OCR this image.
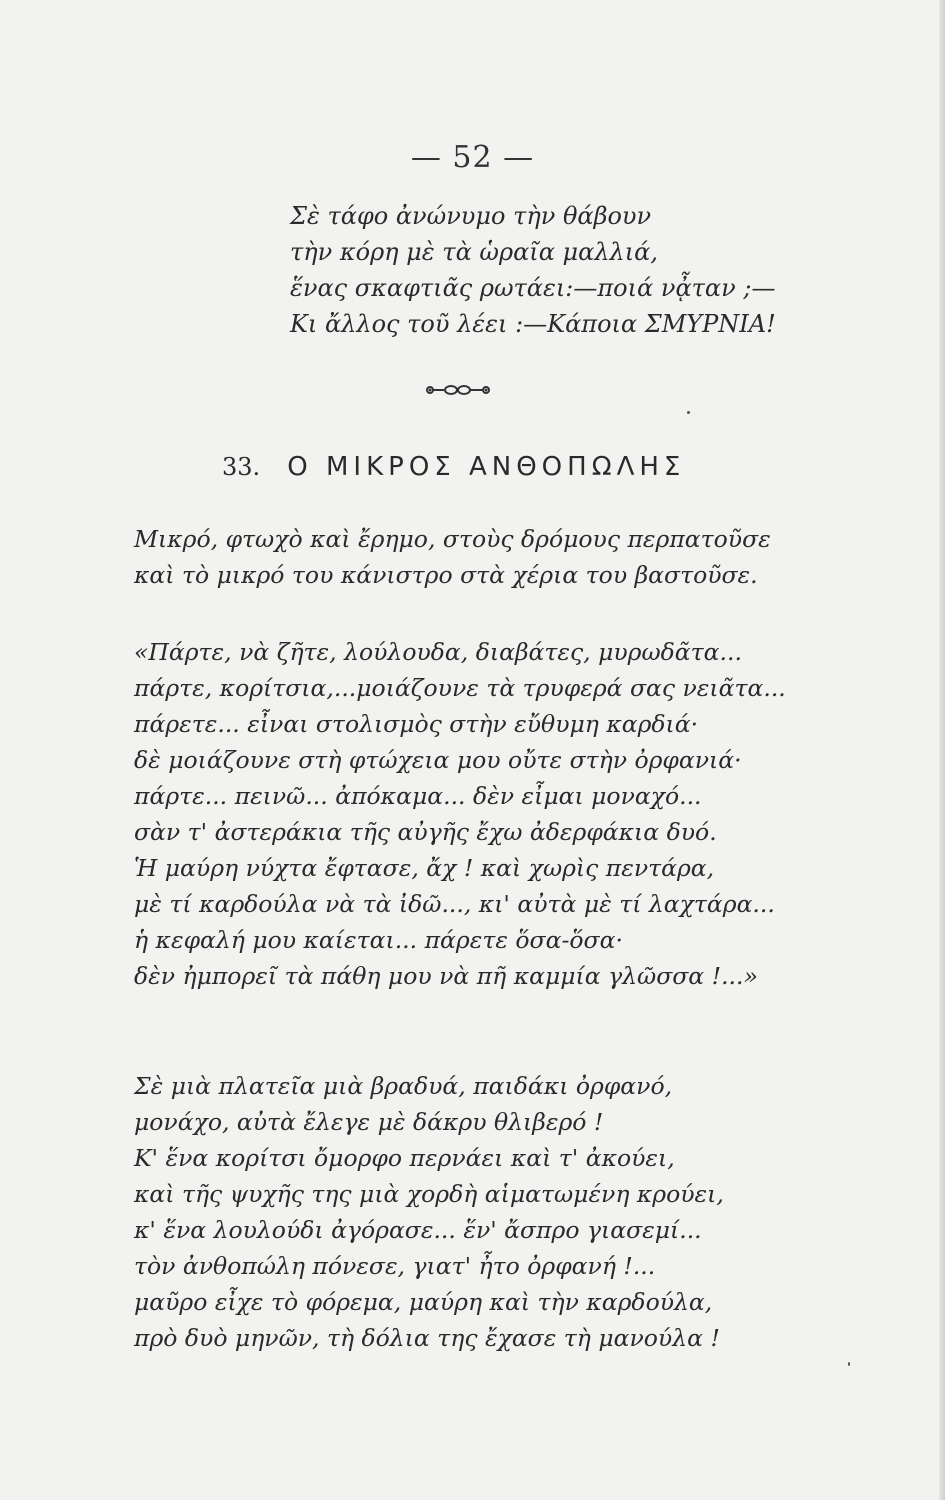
— 52 —
Σὲ τάφο ἀνώνυμο τὴν θάβουν
τὴν κόρη μὲ τὰ ὡραῖα μαλλιά,
ἕνας σκαφτιᾶς ρωτάει:—ποιά νᾆταν ;—
Κι ἄλλος τοῦ λέει :—Κάποια ΣΜΥΡΝΙΑ!
33. Ο ΜΙΚΡΟΣ ΑΝΘΟΠΩΛΗΣ
Μικρό, φτωχὸ καὶ ἔρημο, στοὺς δρόμους περπατοῦσε
καὶ τὸ μικρό του κάνιστρο στὰ χέρια του βαστοῦσε.
«Πάρτε, νὰ ζῆτε, λούλουδα, διαβάτες, μυρωδᾶτα...
πάρτε, κορίτσια,...μοιάζουνε τὰ τρυφερά σας νειᾶτα...
πάρετε... εἶναι στολισμὸς στὴν εὔθυμη καρδιά·
δὲ μοιάζουνε στὴ φτώχεια μου οὔτε στὴν ὀρφανιά·
πάρτε... πεινῶ... ἀπόκαμα... δὲν εἶμαι μοναχό...
σὰν τ' ἀστεράκια τῆς αὐγῆς ἔχω ἀδερφάκια δυό.
Ἡ μαύρη νύχτα ἔφτασε, ἄχ ! καὶ χωρὶς πεντάρα,
μὲ τί καρδούλα νὰ τὰ ἰδῶ..., κι' αὐτὰ μὲ τί λαχτάρα...
ἡ κεφαλή μου καίεται... πάρετε ὅσα-ὅσα·
δὲν ἠμπορεῖ τὰ πάθη μου νὰ πῆ καμμία γλῶσσα !...»
Σὲ μιὰ πλατεῖα μιὰ βραδυά, παιδάκι ὀρφανό,
μονάχο, αὐτὰ ἔλεγε μὲ δάκρυ θλιβερό !
Κ' ἕνα κορίτσι ὄμορφο περνάει καὶ τ' ἀκούει,
καὶ τῆς ψυχῆς της μιὰ χορδὴ αἱματωμένη κρούει,
κ' ἕνα λουλούδι ἀγόρασε... ἕν' ἄσπρο γιασεμί...
τὸν ἀνθοπώλη πόνεσε, γιατ' ἦτο ὀρφανή !...
μαῦρο εἶχε τὸ φόρεμα, μαύρη καὶ τὴν καρδούλα,
πρὸ δυὸ μηνῶν, τὴ δόλια της ἔχασε τὴ μανούλα !
